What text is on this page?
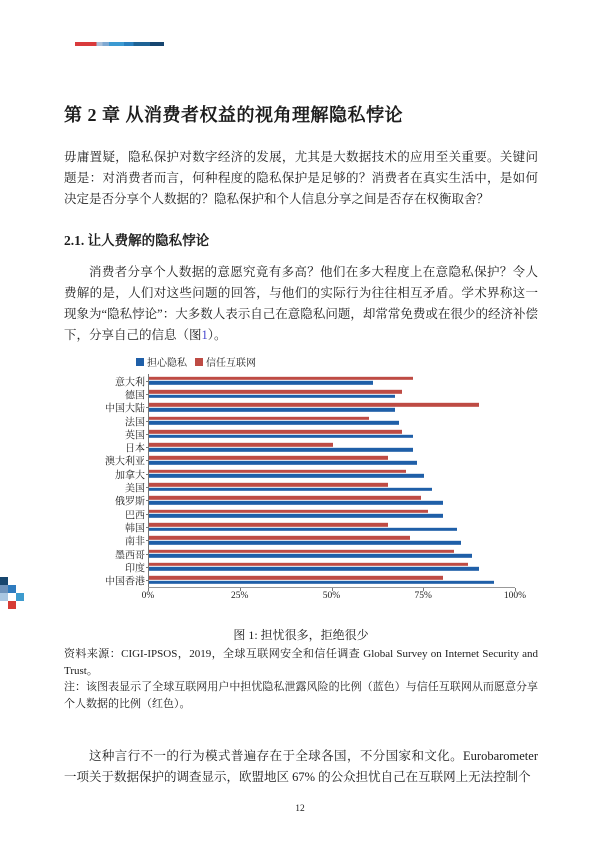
第 2 章 从消费者权益的视角理解隐私悖论

毋庸置疑，隐私保护对数字经济的发展，尤其是大数据技术的应用至关重要。关键问题是：对消费者而言，何种程度的隐私保护是足够的？消费者在真实生活中，是如何决定是否分享个人数据的？隐私保护和个人信息分享之间是否存在权衡取舍？

2.1. 让人费解的隐私悖论

消费者分享个人数据的意愿究竟有多高？他们在多大程度上在意隐私保护？令人费解的是，人们对这些问题的回答，与他们的实际行为往往相互矛盾。学术界称这一现象为“隐私悖论”：大多数人表示自己在意隐私问题，却常常免费或在很少的经济补偿下，分享自己的信息（图1）。

担心隐私 信任互联网
意大利
德国
中国大陆
法国
英国
日本
澳大利亚
加拿大
美国
俄罗斯
巴西
韩国
南非
墨西哥
印度
中国香港
0%	25%	50%	75%	100%

图 1: 担忧很多，拒绝很少

资料来源：CIGI-IPSOS，2019，全球互联网安全和信任调查 Global Survey on Internet Security and Trust。

注：该图表显示了全球互联网用户中担忧隐私泄露风险的比例（蓝色）与信任互联网从而愿意分享个人数据的比例（红色）。

这种言行不一的行为模式普遍存在于全球各国，不分国家和文化。Eurobarometer 一项关于数据保护的调查显示，欧盟地区 67% 的公众担忧自己在互联网上无法控制个

12
